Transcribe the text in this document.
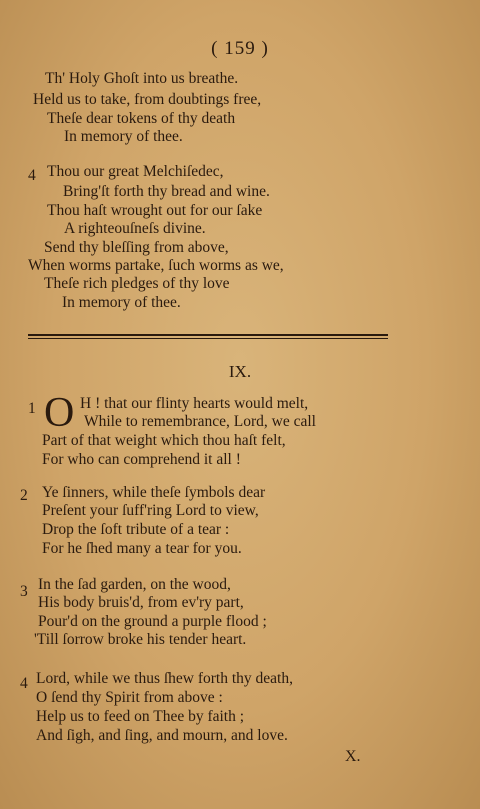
( 159 )
Th' Holy Ghoſt into us breathe.
Held us to take, from doubtings free,
Theſe dear tokens of thy death
In memory of thee.
4 Thou our great Melchiſedec,
Bring'ſt forth thy bread and wine.
Thou haſt wrought out for our ſake
A righteouſneſs divine.
Send thy bleſſing from above,
When worms partake, ſuch worms as we,
Theſe rich pledges of thy love
In memory of thee.
IX.
1 O H ! that our flinty hearts would melt,
While to remembrance, Lord, we call
Part of that weight which thou haſt felt,
For who can comprehend it all !
2 Ye ſinners, while theſe ſymbols dear
Preſent your ſuff'ring Lord to view,
Drop the ſoft tribute of a tear :
For he ſhed many a tear for you.
3 In the ſad garden, on the wood,
His body bruis'd, from ev'ry part,
Pour'd on the ground a purple flood ;
'Till ſorrow broke his tender heart.
4 Lord, while we thus ſhew forth thy death,
O ſend thy Spirit from above :
Help us to feed on Thee by faith ;
And ſigh, and ſing, and mourn, and love.
X.
